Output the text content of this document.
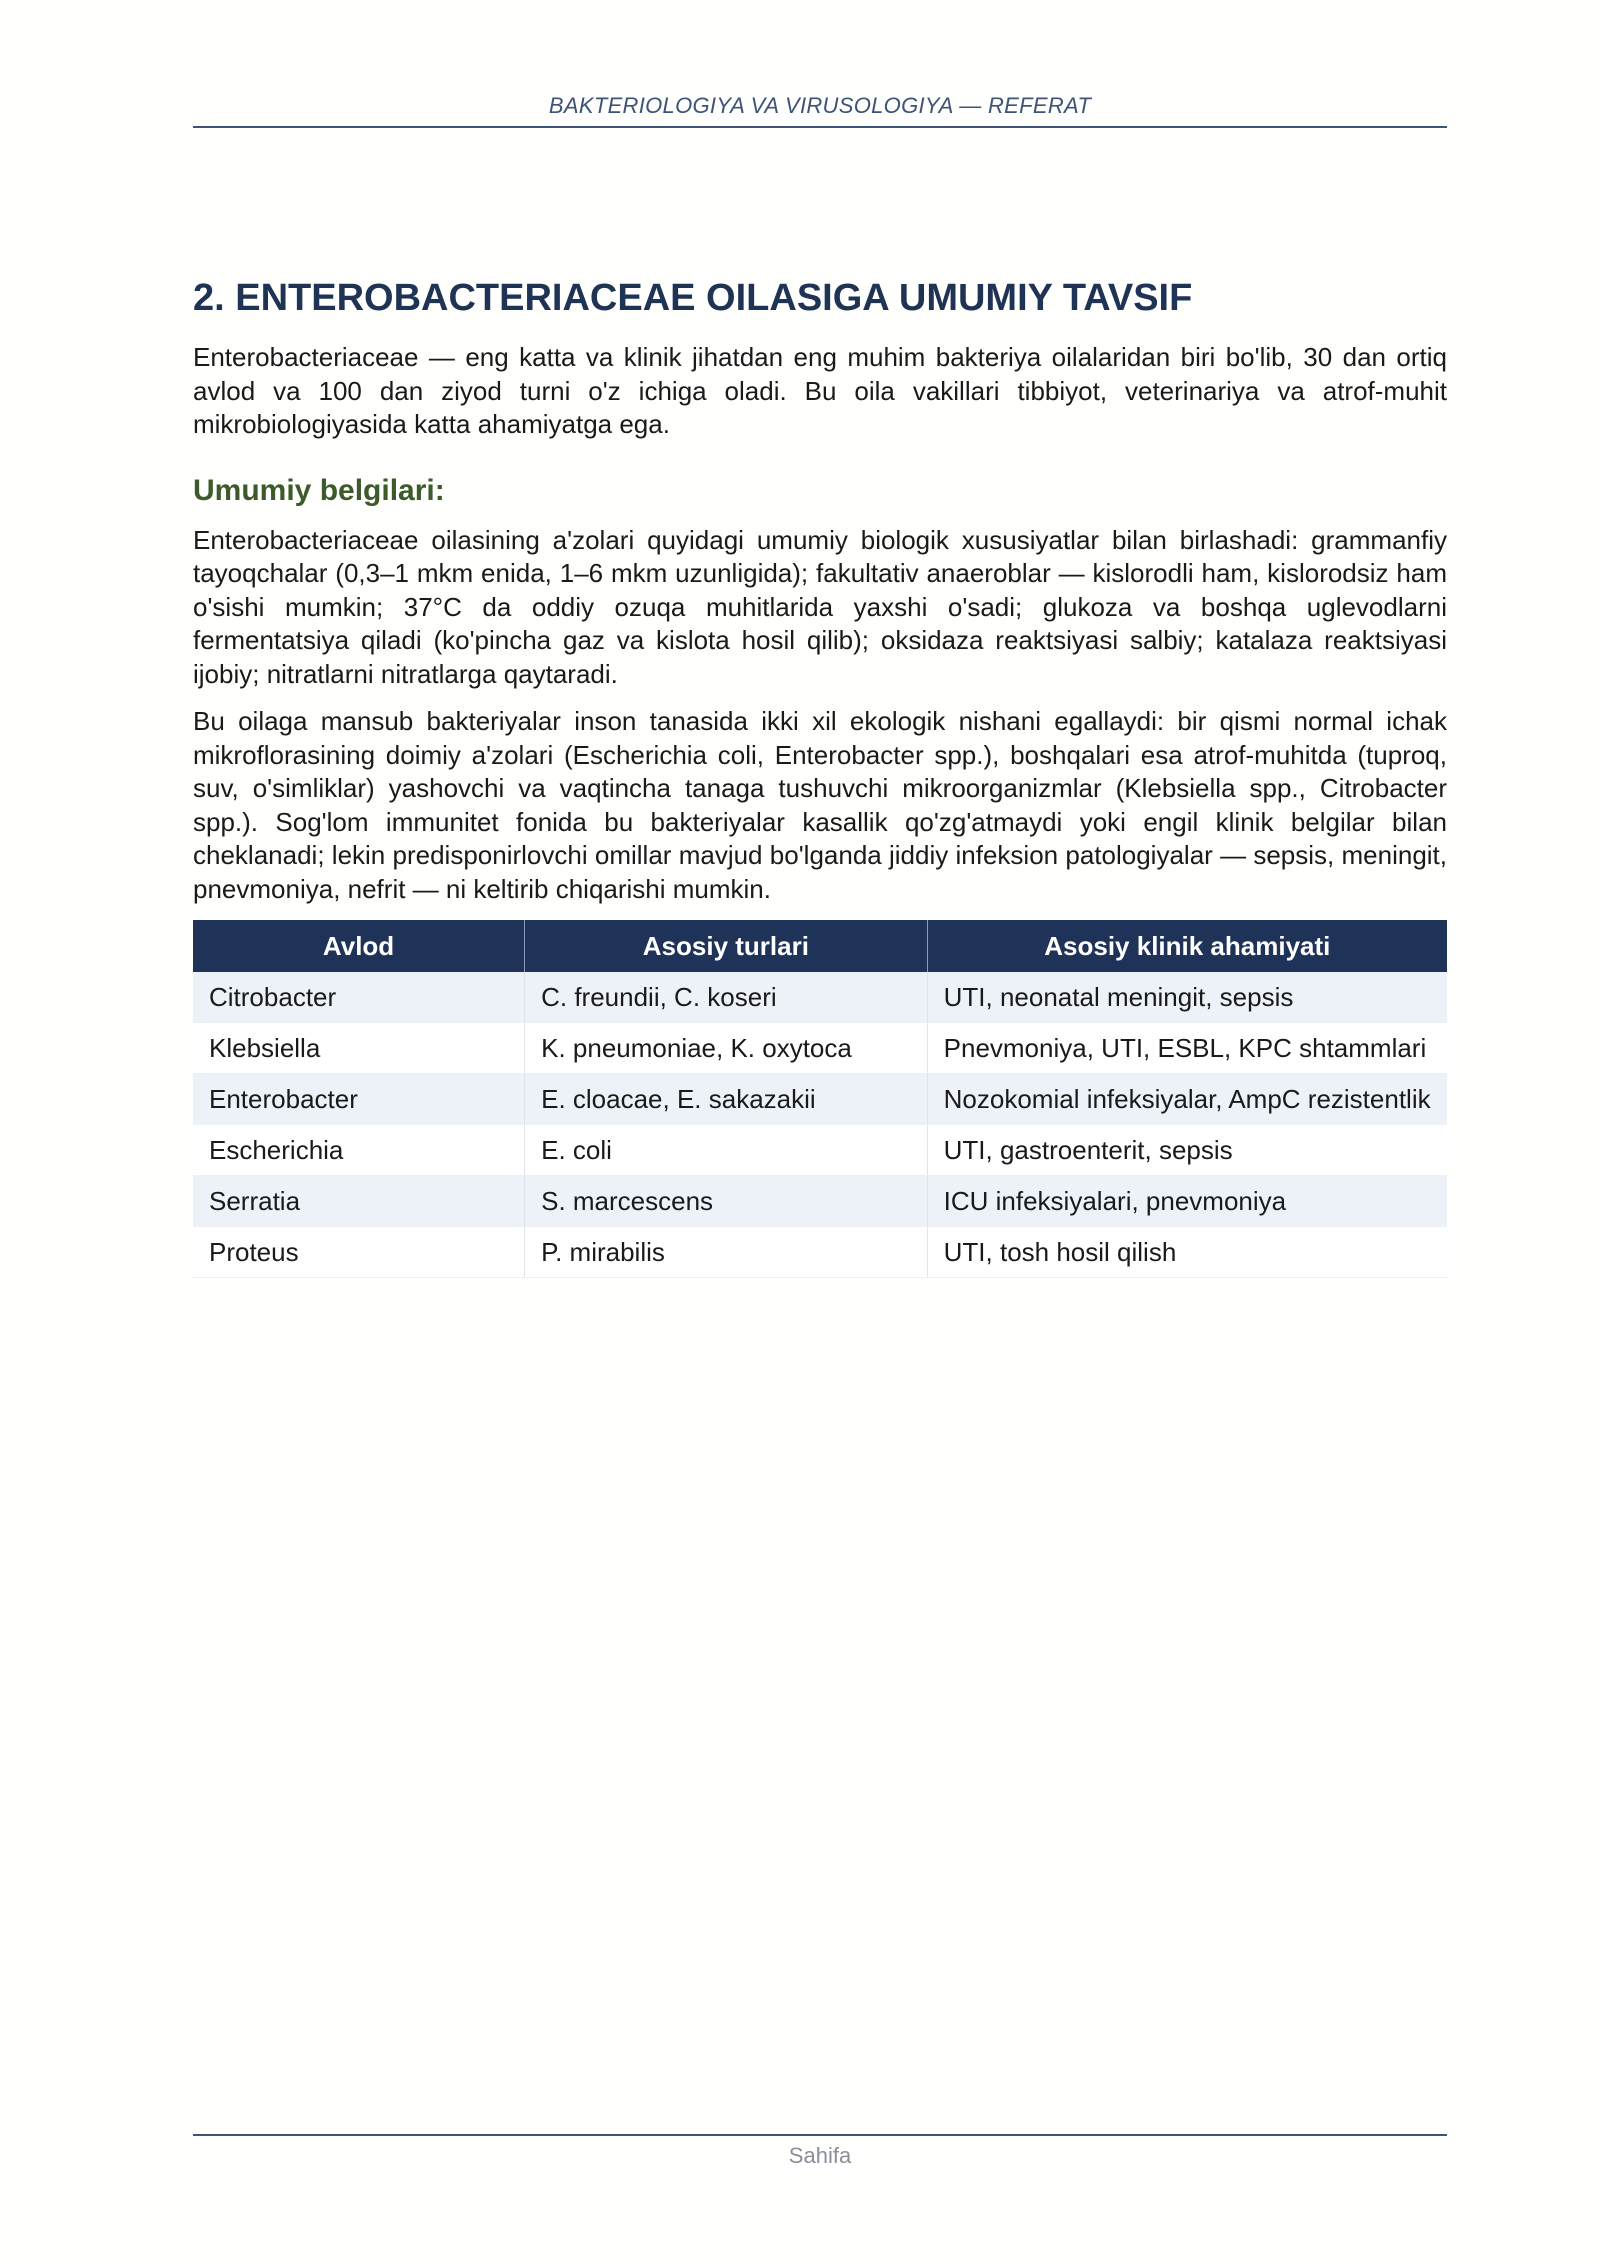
BAKTERIOLOGIYA VA VIRUSOLOGIYA — REFERAT
2. ENTEROBACTERIACEAE OILASIGA UMUMIY TAVSIF

Enterobacteriaceae — eng katta va klinik jihatdan eng muhim bakteriya oilalaridan biri bo'lib, 30 dan ortiq avlod va 100 dan ziyod turni o'z ichiga oladi. Bu oila vakillari tibbiyot, veterinariya va atrof-muhit mikrobiologiyasida katta ahamiyatga ega.

Umumiy belgilari:

Enterobacteriaceae oilasining a'zolari quyidagi umumiy biologik xususiyatlar bilan birlashadi: grammanfiy tayoqchalar (0,3–1 mkm enida, 1–6 mkm uzunligida); fakultativ anaeroblar — kislorodli ham, kislorodsiz ham o'sishi mumkin; 37°C da oddiy ozuqa muhitlarida yaxshi o'sadi; glukoza va boshqa uglevodlarni fermentatsiya qiladi (ko'pincha gaz va kislota hosil qilib); oksidaza reaktsiyasi salbiy; katalaza reaktsiyasi ijobiy; nitratlarni nitratlarga qaytaradi.

Bu oilaga mansub bakteriyalar inson tanasida ikki xil ekologik nishani egallaydi: bir qismi normal ichak mikroflorasining doimiy a'zolari (Escherichia coli, Enterobacter spp.), boshqalari esa atrof-muhitda (tuproq, suv, o'simliklar) yashovchi va vaqtincha tanaga tushuvchi mikroorganizmlar (Klebsiella spp., Citrobacter spp.). Sog'lom immunitet fonida bu bakteriyalar kasallik qo'zg'atmaydi yoki engil klinik belgilar bilan cheklanadi; lekin predisponirlovchi omillar mavjud bo'lganda jiddiy infeksion patologiyalar — sepsis, meningit, pnevmoniya, nefrit — ni keltirib chiqarishi mumkin.

Avlod	Asosiy turlari	Asosiy klinik ahamiyati
Citrobacter	C. freundii, C. koseri	UTI, neonatal meningit, sepsis
Klebsiella	K. pneumoniae, K. oxytoca	Pnevmoniya, UTI, ESBL, KPC shtammlari
Enterobacter	E. cloacae, E. sakazakii	Nozokomial infeksiyalar, AmpC rezistentlik
Escherichia	E. coli	UTI, gastroenterit, sepsis
Serratia	S. marcescens	ICU infeksiyalari, pnevmoniya
Proteus	P. mirabilis	UTI, tosh hosil qilish
Sahifa
